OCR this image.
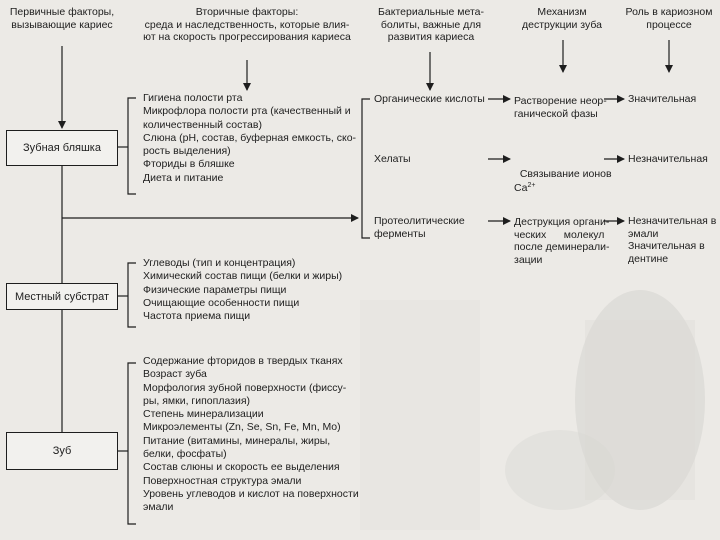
Первичные факторы,
вызывающие кариес

Вторичные факторы:
среда и наследственность, которые влия-
ют на скорость прогрессирования кариеса

Бактериальные мета-
болиты, важные для
развития кариеса

Механизм
деструкции зуба

Роль в кариозном
процессе

Зубная бляшка
Местный субстрат
Зуб
Гигиена полости рта
Микрофлора полости рта (качественный и
количественный состав)
Слюна (pH, состав, буферная емкость, ско-
рость выделения)
Фториды в бляшке
Диета и питание
Углеводы (тип и концентрация)
Химический состав пищи (белки и жиры)
Физические параметры пищи
Очищающие особенности пищи
Частота приема пищи
Содержание фторидов в твердых тканях
Возраст зуба
Морфология зубной поверхности (фиссу-
ры, ямки, гипоплазия)
Степень минерализации
Микроэлементы (Zn, Se, Sn, Fe, Mn, Mo)
Питание (витамины, минералы, жиры,
белки, фосфаты)
Состав слюны и скорость ее выделения
Поверхностная структура эмали
Уровень углеводов и кислот на поверхности
эмали

Органические кислоты

Хелаты

Протеолитические
ферменты

Растворение неор-
ганической фазы

Связывание ионов
$Ca^{2+}$

Деструкция органи-
ческих      молекул
после деминерали-
зации

Значительная

Незначительная

Незначительная в
эмали
Значительная в
дентине
